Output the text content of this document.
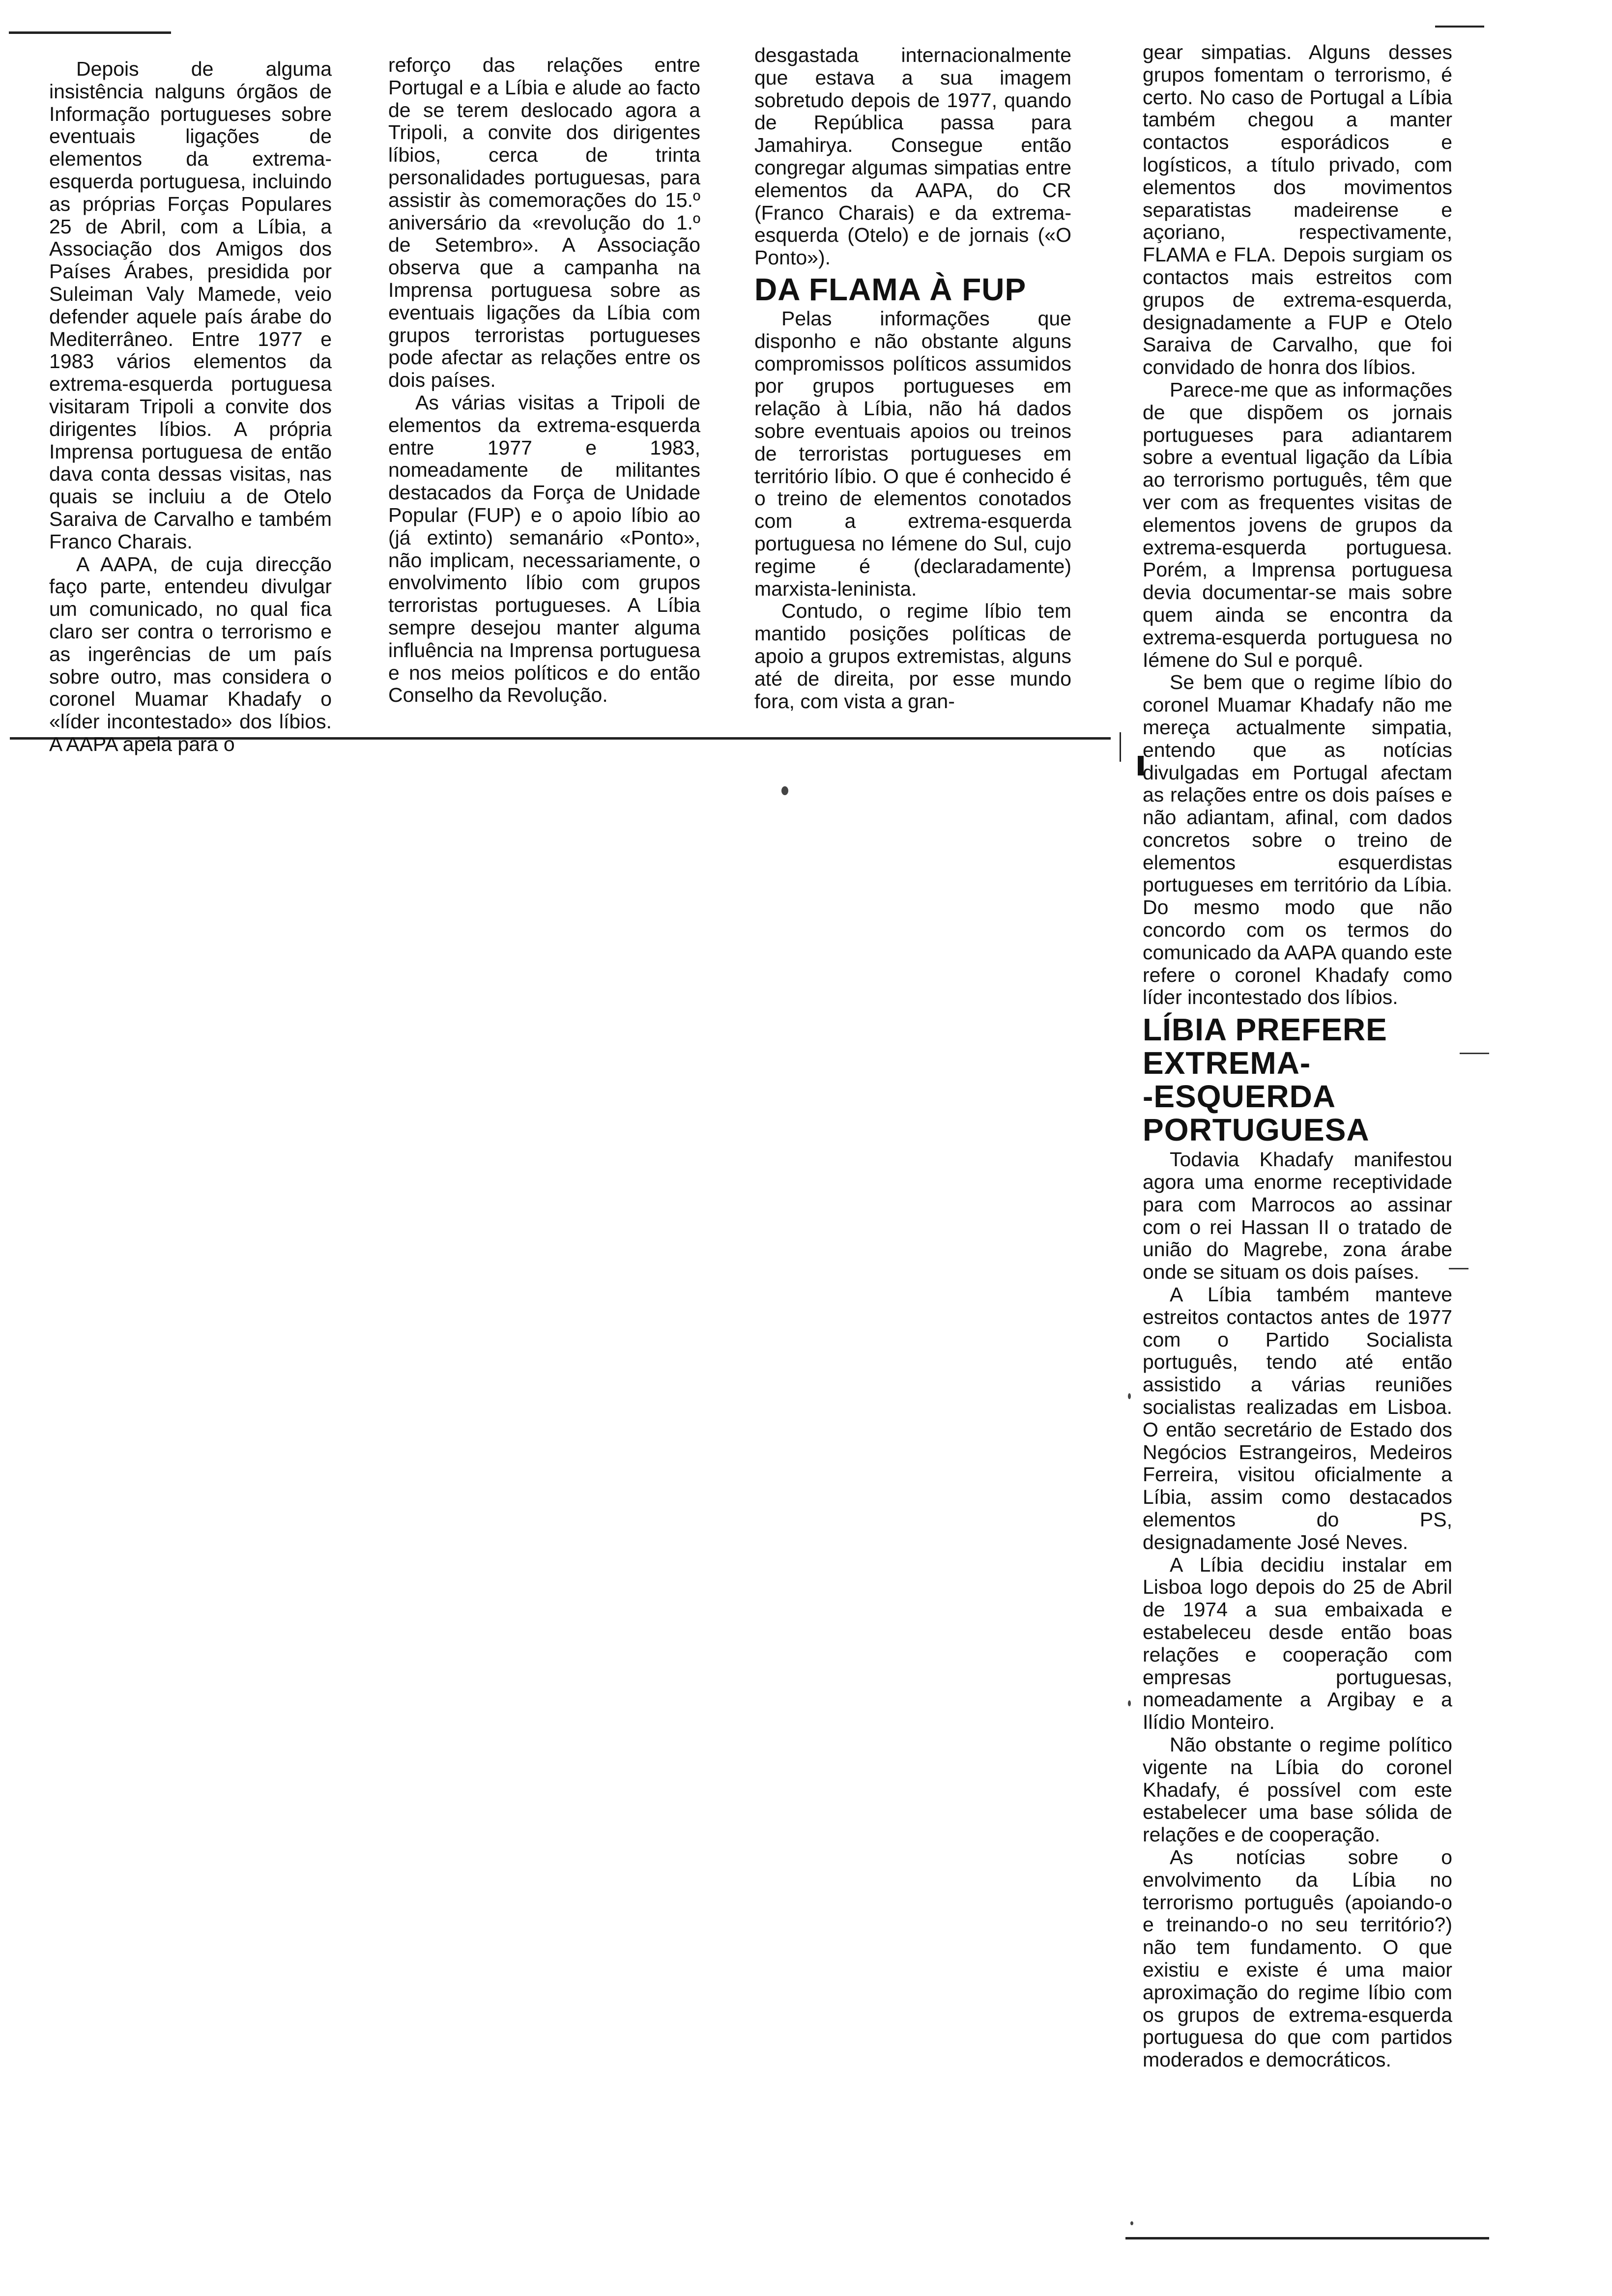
Depois de alguma insistência nalguns órgãos de Informação portugueses sobre eventuais ligações de elementos da extrema-esquerda portuguesa, incluindo as próprias Forças Populares 25 de Abril, com a Líbia, a Associação dos Amigos dos Países Árabes, presidida por Suleiman Valy Mamede, veio defender aquele país árabe do Mediterrâneo. Entre 1977 e 1983 vários elementos da extrema-esquerda portuguesa visitaram Tripoli a convite dos dirigentes líbios. A própria Imprensa portuguesa de então dava conta dessas visitas, nas quais se incluiu a de Otelo Saraiva de Carvalho e também Franco Charais.

A AAPA, de cuja direcção faço parte, entendeu divulgar um comunicado, no qual fica claro ser contra o terrorismo e as ingerências de um país sobre outro, mas considera o coronel Muamar Khadafy o «líder incontestado» dos líbios. A AAPA apela para o

reforço das relações entre Portugal e a Líbia e alude ao facto de se terem deslocado agora a Tripoli, a convite dos dirigentes líbios, cerca de trinta personalidades portuguesas, para assistir às comemorações do 15.º aniversário da «revolução do 1.º de Setembro». A Associação observa que a campanha na Imprensa portuguesa sobre as eventuais ligações da Líbia com grupos terroristas portugueses pode afectar as relações entre os dois países.

As várias visitas a Tripoli de elementos da extrema-esquerda entre 1977 e 1983, nomeadamente de militantes destacados da Força de Unidade Popular (FUP) e o apoio líbio ao (já extinto) semanário «Ponto», não implicam, necessariamente, o envolvimento líbio com grupos terroristas portugueses. A Líbia sempre desejou manter alguma influência na Imprensa portuguesa e nos meios políticos e do então Conselho da Revolução.

desgastada internacionalmente que estava a sua imagem sobretudo depois de 1977, quando de República passa para Jamahirya. Consegue então congregar algumas simpatias entre elementos da AAPA, do CR (Franco Charais) e da extrema-esquerda (Otelo) e de jornais («O Ponto»).

DA FLAMA À FUP

Pelas informações que disponho e não obstante alguns compromissos políticos assumidos por grupos portugueses em relação à Líbia, não há dados sobre eventuais apoios ou treinos de terroristas portugueses em território líbio. O que é conhecido é o treino de elementos conotados com a extrema-esquerda portuguesa no Iémene do Sul, cujo regime é (declaradamente) marxista-leninista.

Contudo, o regime líbio tem mantido posições políticas de apoio a grupos extremistas, alguns até de direita, por esse mundo fora, com vista a gran-

gear simpatias. Alguns desses grupos fomentam o terrorismo, é certo. No caso de Portugal a Líbia também chegou a manter contactos esporádicos e logísticos, a título privado, com elementos dos movimentos separatistas madeirense e açoriano, respectivamente, FLAMA e FLA. Depois surgiam os contactos mais estreitos com grupos de extrema-esquerda, designadamente a FUP e Otelo Saraiva de Carvalho, que foi convidado de honra dos líbios.

Parece-me que as informações de que dispõem os jornais portugueses para adiantarem sobre a eventual ligação da Líbia ao terrorismo português, têm que ver com as frequentes visitas de elementos jovens de grupos da extrema-esquerda portuguesa. Porém, a Imprensa portuguesa devia documentar-se mais sobre quem ainda se encontra da extrema-esquerda portuguesa no Iémene do Sul e porquê.

Se bem que o regime líbio do coronel Muamar Khadafy não me mereça actualmente simpatia, entendo que as notícias divulgadas em Portugal afectam as relações entre os dois países e não adiantam, afinal, com dados concretos sobre o treino de elementos esquerdistas portugueses em território da Líbia. Do mesmo modo que não concordo com os termos do comunicado da AAPA quando este refere o coronel Khadafy como líder incontestado dos líbios.

LÍBIA PREFERE
EXTREMA-
-ESQUERDA
PORTUGUESA

Todavia Khadafy manifestou agora uma enorme receptividade para com Marrocos ao assinar com o rei Hassan II o tratado de união do Magrebe, zona árabe onde se situam os dois países.

A Líbia também manteve estreitos contactos antes de 1977 com o Partido Socialista português, tendo até então assistido a várias reuniões socialistas realizadas em Lisboa. O então secretário de Estado dos Negócios Estrangeiros, Medeiros Ferreira, visitou oficialmente a Líbia, assim como destacados elementos do PS, designadamente José Neves.

A Líbia decidiu instalar em Lisboa logo depois do 25 de Abril de 1974 a sua embaixada e estabeleceu desde então boas relações e cooperação com empresas portuguesas, nomeadamente a Argibay e a Ilídio Monteiro.

Não obstante o regime político vigente na Líbia do coronel Khadafy, é possível com este estabelecer uma base sólida de relações e de cooperação.

As notícias sobre o envolvimento da Líbia no terrorismo português (apoiando-o e treinando-o no seu território?) não tem fundamento. O que existiu e existe é uma maior aproximação do regime líbio com os grupos de extrema-esquerda portuguesa do que com partidos moderados e democráticos.
